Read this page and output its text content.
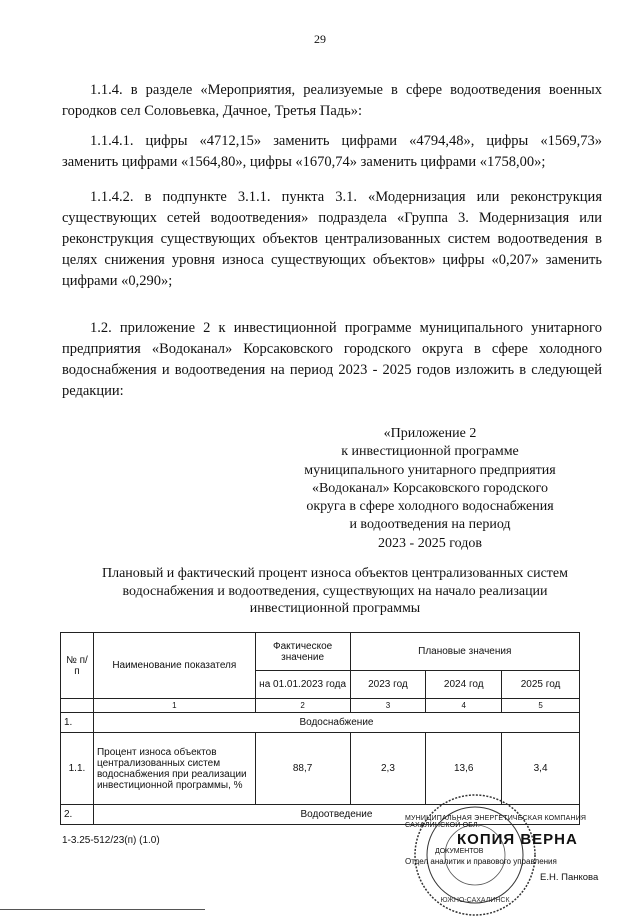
29
1.1.4. в разделе «Мероприятия, реализуемые в сфере водоотведения военных городков сел Соловьевка, Дачное, Третья Падь»:
1.1.4.1. цифры «4712,15» заменить цифрами «4794,48», цифры «1569,73» заменить цифрами «1564,80», цифры «1670,74» заменить цифрами «1758,00»;
1.1.4.2. в подпункте 3.1.1. пункта 3.1. «Модернизация или реконструкция существующих сетей водоотведения» подраздела «Группа 3. Модернизация или реконструкция существующих объектов централизованных систем водоотведения в целях снижения уровня износа существующих объектов» цифры «0,207» заменить цифрами «0,290»;
1.2. приложение 2 к инвестиционной программе муниципального унитарного предприятия «Водоканал» Корсаковского городского округа в сфере холодного водоснабжения и водоотведения на период 2023 - 2025 годов изложить в следующей редакции:
«Приложение 2
к инвестиционной программе
муниципального унитарного предприятия
«Водоканал» Корсаковского городского
округа в сфере холодного водоснабжения
и водоотведения на период
2023 - 2025 годов
Плановый и фактический процент износа объектов централизованных систем водоснабжения и водоотведения, существующих на начало реализации инвестиционной программы
№ п/п	Наименование показателя	Фактическое значение	Плановые значения		
		на 01.01.2023 года	2023 год	2024 год	2025 год
	1	2	3	4	5
1.	Водоснабжение				
1.1.	Процент износа объектов централизованных систем водоснабжения при реализации инвестиционной программы, %	88,7	2,3	13,6	3,4
2.	Водоотведение				
1-3.25-512/23(п) (1.0)
ЮЖНО-САХАЛИНСК
МУНИЦИПАЛЬНАЯ ЭНЕРГЕТИЧЕСКАЯ КОМПАНИЯ САХАЛИНСКОЙ ОБЛ.
КОПИЯ ВЕРНА
ДОКУМЕНТОВ
Отдел аналитик и правового управления
Е.Н. Панкова
